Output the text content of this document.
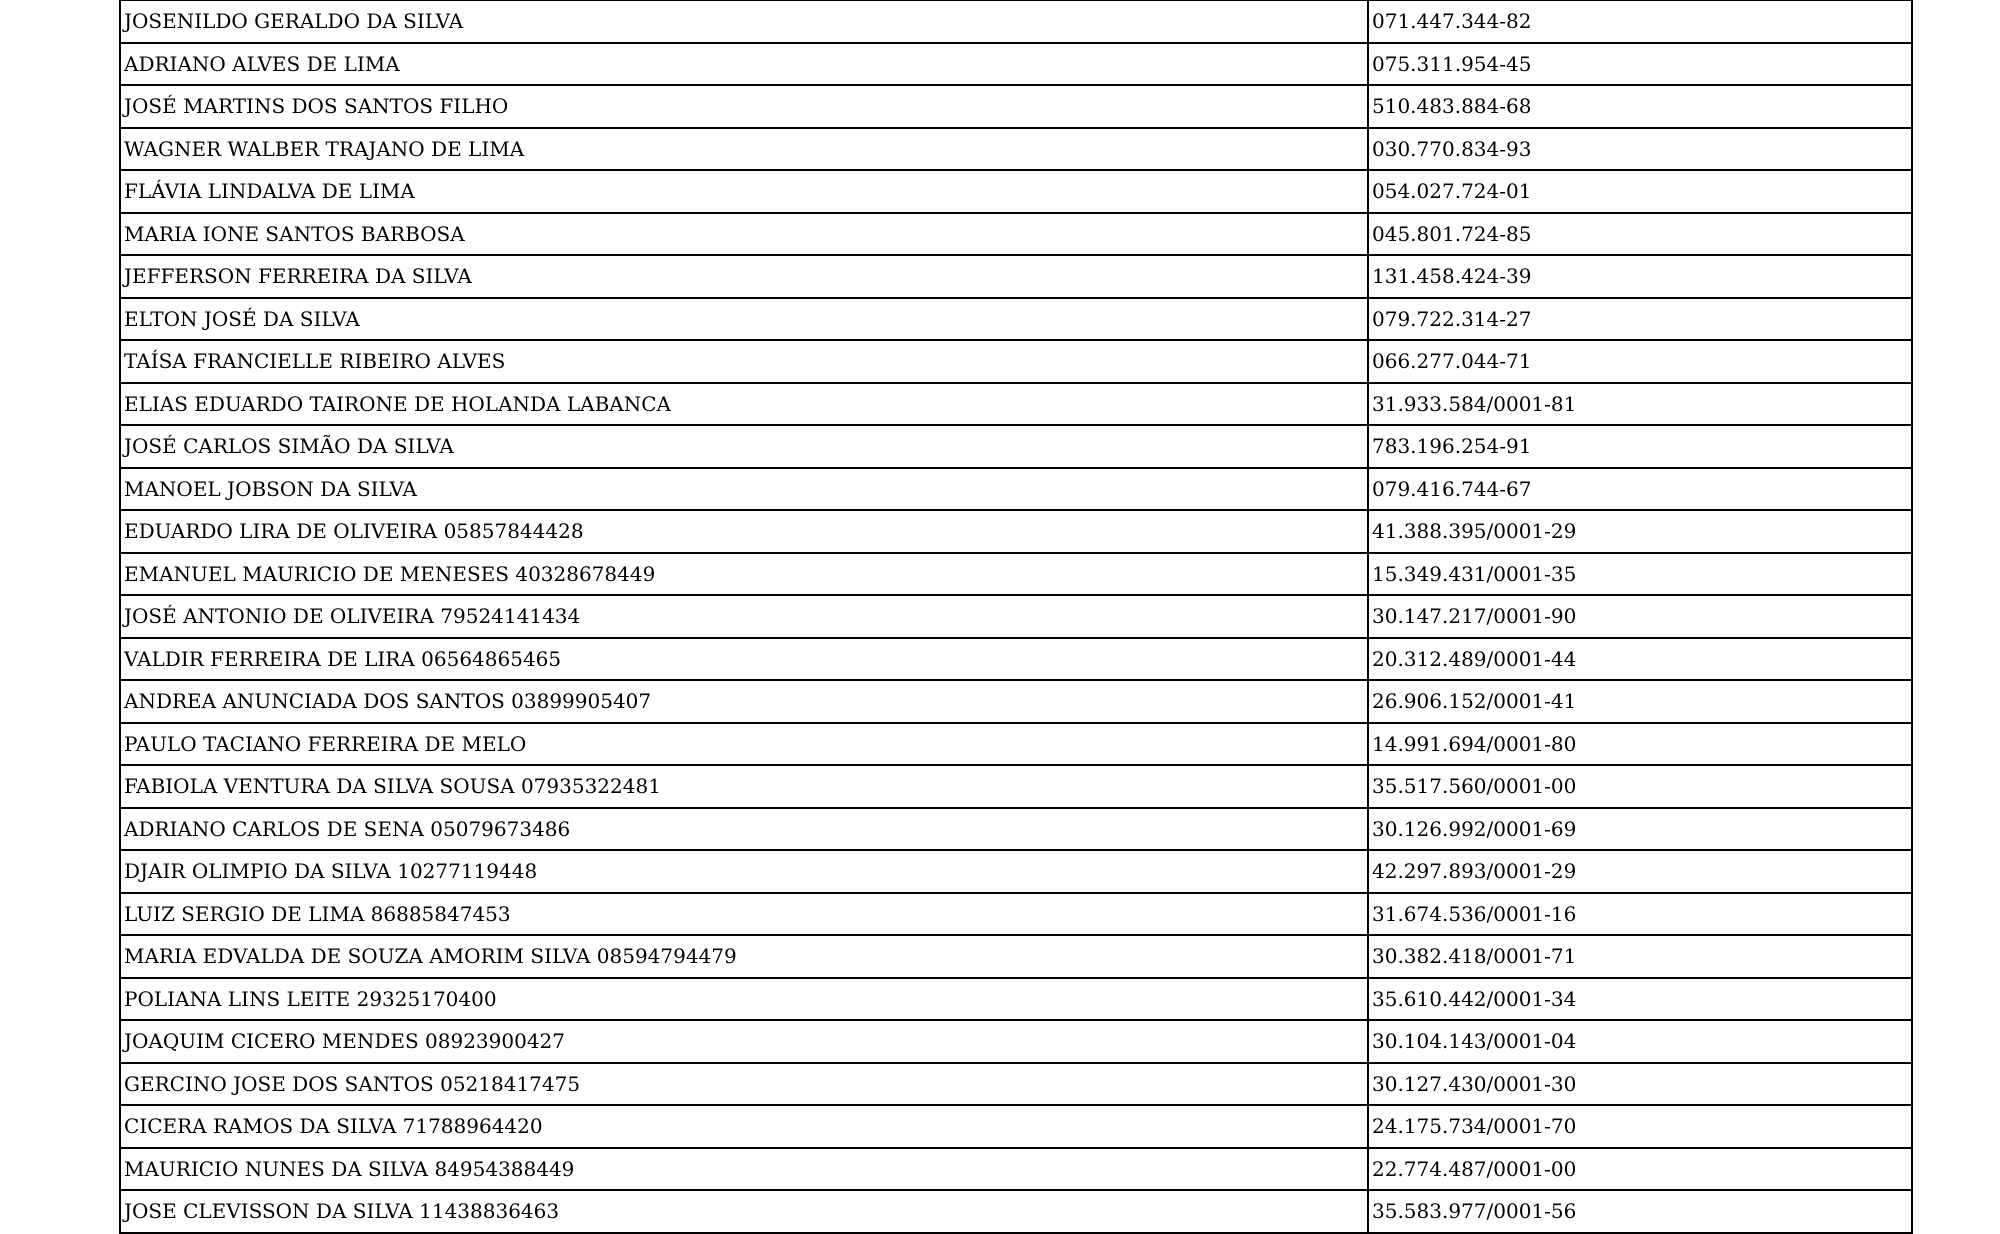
JOSENILDO GERALDO DA SILVA	071.447.344-82
ADRIANO ALVES DE LIMA	075.311.954-45
JOSÉ MARTINS DOS SANTOS FILHO	510.483.884-68
WAGNER WALBER TRAJANO DE LIMA	030.770.834-93
FLÁVIA LINDALVA DE LIMA	054.027.724-01
MARIA IONE SANTOS BARBOSA	045.801.724-85
JEFFERSON FERREIRA DA SILVA	131.458.424-39
ELTON JOSÉ DA SILVA	079.722.314-27
TAÍSA FRANCIELLE RIBEIRO ALVES	066.277.044-71
ELIAS EDUARDO TAIRONE DE HOLANDA LABANCA	31.933.584/0001-81
JOSÉ CARLOS SIMÃO DA SILVA	783.196.254-91
MANOEL JOBSON DA SILVA	079.416.744-67
EDUARDO LIRA DE OLIVEIRA 05857844428	41.388.395/0001-29
EMANUEL MAURICIO DE MENESES 40328678449	15.349.431/0001-35
JOSÉ ANTONIO DE OLIVEIRA 79524141434	30.147.217/0001-90
VALDIR FERREIRA DE LIRA 06564865465	20.312.489/0001-44
ANDREA ANUNCIADA DOS SANTOS 03899905407	26.906.152/0001-41
PAULO TACIANO FERREIRA DE MELO	14.991.694/0001-80
FABIOLA VENTURA DA SILVA SOUSA 07935322481	35.517.560/0001-00
ADRIANO CARLOS DE SENA 05079673486	30.126.992/0001-69
DJAIR OLIMPIO DA SILVA 10277119448	42.297.893/0001-29
LUIZ SERGIO DE LIMA 86885847453	31.674.536/0001-16
MARIA EDVALDA DE SOUZA AMORIM SILVA 08594794479	30.382.418/0001-71
POLIANA LINS LEITE 29325170400	35.610.442/0001-34
JOAQUIM CICERO MENDES 08923900427	30.104.143/0001-04
GERCINO JOSE DOS SANTOS 05218417475	30.127.430/0001-30
CICERA RAMOS DA SILVA 71788964420	24.175.734/0001-70
MAURICIO NUNES DA SILVA 84954388449	22.774.487/0001-00
JOSE CLEVISSON DA SILVA 11438836463	35.583.977/0001-56
